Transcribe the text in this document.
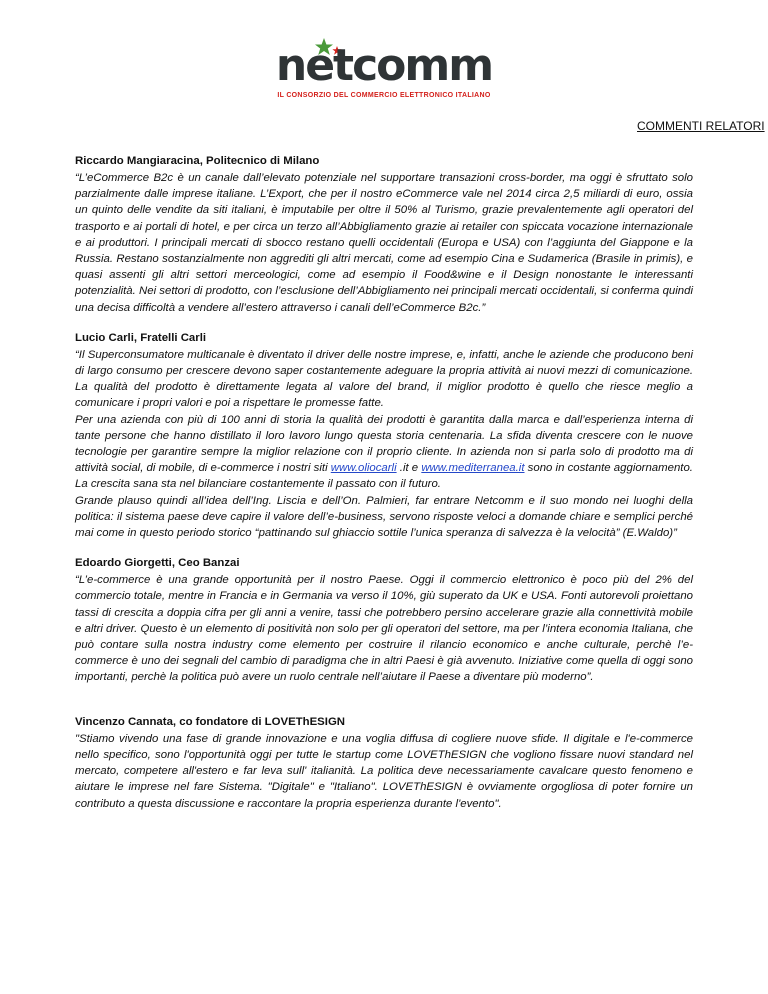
netcomm
IL CONSORZIO DEL COMMERCIO ELETTRONICO ITALIANO
COMMENTI RELATORI
Riccardo Mangiaracina, Politecnico di Milano

“L’eCommerce B2c è un canale dall’elevato potenziale nel supportare transazioni cross-border, ma oggi è sfruttato solo parzialmente dalle imprese italiane. L’Export, che per il nostro eCommerce vale nel 2014 circa 2,5 miliardi di euro, ossia un quinto delle vendite da siti italiani, è imputabile per oltre il 50% al Turismo, grazie prevalentemente agli operatori del trasporto e ai portali di hotel, e per circa un terzo all’Abbigliamento grazie ai retailer con spiccata vocazione internazionale e ai produttori. I principali mercati di sbocco restano quelli occidentali (Europa e USA) con l’aggiunta del Giappone e la Russia. Restano sostanzialmente non aggrediti gli altri mercati, come ad esempio Cina e Sudamerica (Brasile in primis), e quasi assenti gli altri settori merceologici, come ad esempio il Food&wine e il Design nonostante le interessanti potenzialità. Nei settori di prodotto, con l’esclusione dell’Abbigliamento nei principali mercati occidentali, si conferma quindi una decisa difficoltà a vendere all’estero attraverso i canali dell’eCommerce B2c.”

Lucio Carli, Fratelli Carli

“Il Superconsumatore multicanale è diventato il driver delle nostre imprese, e, infatti, anche le aziende che producono beni di largo consumo per crescere devono saper costantemente adeguare la propria attività ai nuovi mezzi di comunicazione. La qualità del prodotto è direttamente legata al valore del brand, il miglior prodotto è quello che riesce meglio a comunicare i propri valori e poi a rispettare le promesse fatte.

Per una azienda con più di 100 anni di storia la qualità dei prodotti è garantita dalla marca e dall’esperienza interna di tante persone che hanno distillato il loro lavoro lungo questa storia centenaria. La sfida diventa crescere con le nuove tecnologie per garantire sempre la miglior relazione con il proprio cliente. In azienda non si parla solo di prodotto ma di attività social, di mobile, di e-commerce i nostri siti www.oliocarli .it e www.mediterranea.it sono in costante aggiornamento. La crescita sana sta nel bilanciare costantemente il passato con il futuro.

Grande plauso quindi all’idea dell’Ing. Liscia e dell’On. Palmieri, far entrare Netcomm e il suo mondo nei luoghi della politica: il sistema paese deve capire il valore dell’e-business, servono risposte veloci a domande chiare e semplici perché mai come in questo periodo storico “pattinando sul ghiaccio sottile l’unica speranza di salvezza è la velocità” (E.Waldo)”

Edoardo Giorgetti, Ceo Banzai

“L’e-commerce è una grande opportunità per il nostro Paese. Oggi il commercio elettronico è poco più del 2% del commercio totale, mentre in Francia e in Germania va verso il 10%, giù superato da UK e USA. Fonti autorevoli proiettano tassi di crescita a doppia cifra per gli anni a venire, tassi che potrebbero persino accelerare grazie alla connettività mobile e altri driver. Questo è un elemento di positività non solo per gli operatori del settore, ma per l’intera economia Italiana, che può contare sulla nostra industry come elemento per costruire il rilancio economico e anche culturale, perchè l’e-commerce è uno dei segnali del cambio di paradigma che in altri Paesi è già avvenuto. Iniziative come quella di oggi sono importanti, perchè la politica può avere un ruolo centrale nell’aiutare il Paese a diventare più moderno”.

Vincenzo Cannata, co fondatore di LOVEThESIGN

"Stiamo vivendo una fase di grande innovazione e una voglia diffusa di cogliere nuove sfide. Il digitale e l'e-commerce nello specifico, sono l'opportunità oggi per tutte le startup come LOVEThESIGN che vogliono fissare nuovi standard nel mercato, competere all'estero e far leva sull' italianità. La politica deve necessariamente cavalcare questo fenomeno e aiutare le imprese nel fare Sistema. "Digitale" e "Italiano". LOVEThESIGN è ovviamente orgogliosa di poter fornire un contributo a questa discussione e raccontare la propria esperienza durante l'evento".
